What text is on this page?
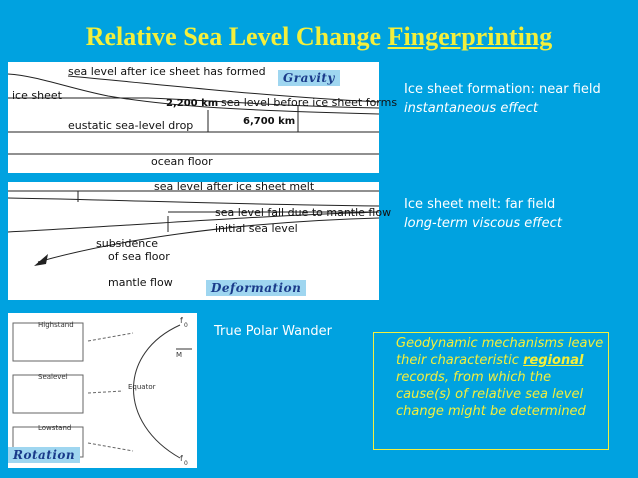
Relative Sea Level Change Fingerprinting
sea level after ice sheet has formed
ice sheet
2,200 km sea level before ice sheet forms
6,700 km
eustatic sea-level drop
ocean floor
Gravity
sea level after ice sheet melt
sea level fall due to mantle flow
initial sea level
subsidence
of sea floor
mantle flow	Deformation
Highstand
Sealevel
Lowstand
Equator
f
0
f
0
M
Rotation
Ice sheet formation: near field
instantaneous effect
Ice sheet melt: far field
long-term viscous effect
True Polar Wander
Geodynamic mechanisms leave their characteristic regional records, from which the cause(s) of relative sea level change might be determined
